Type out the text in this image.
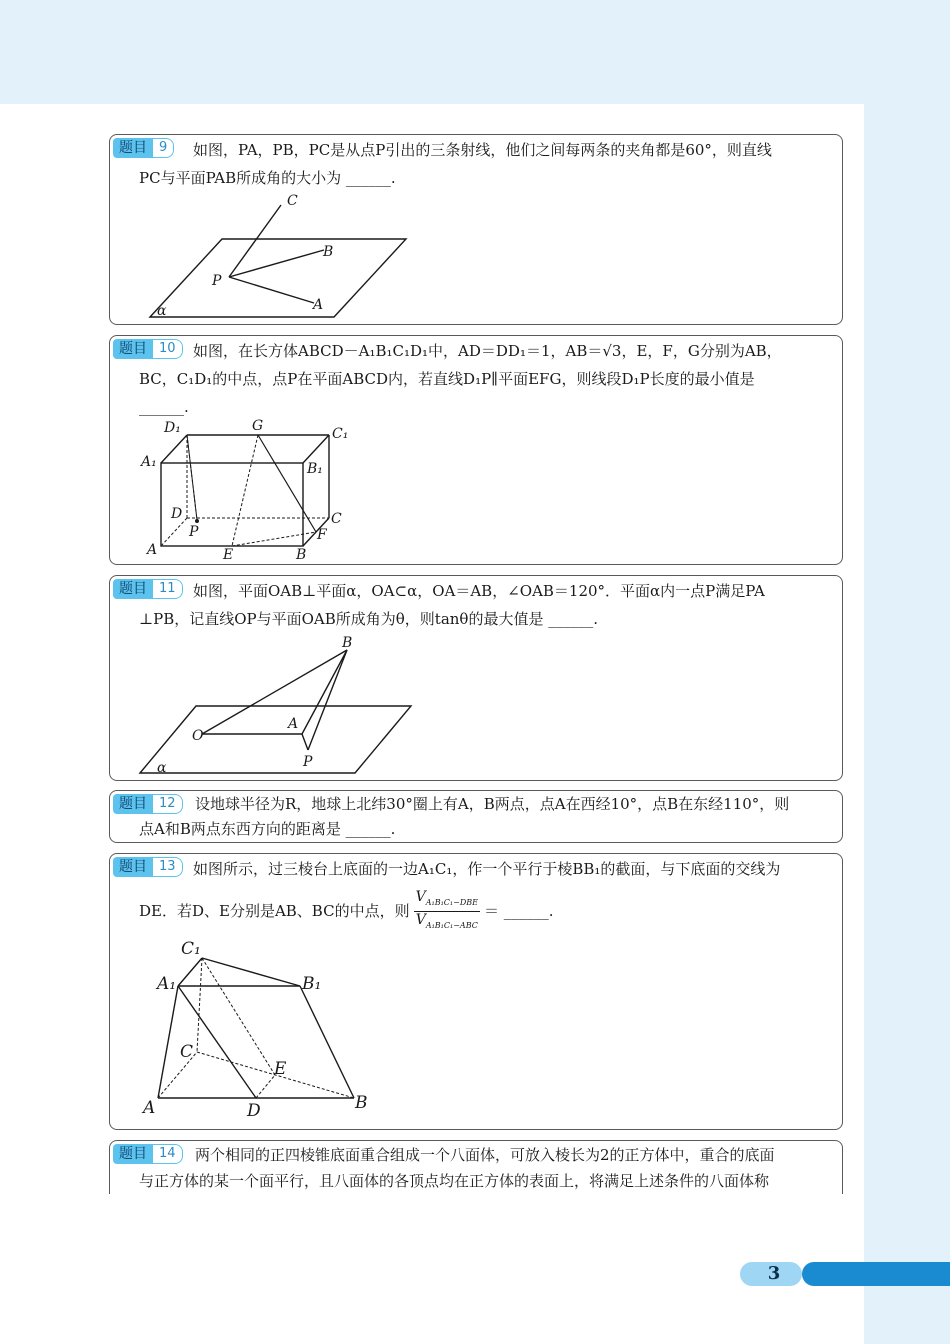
题目 9	如图，PA，PB，PC是从点P引出的三条射线，他们之间每两条的夹角都是60°，则直线
PC与平面PAB所成角的大小为 ______.
C
B
P
A
α
题目 10	如图，在长方体ABCD－A₁B₁C₁D₁中，AD＝DD₁＝1，AB＝√3，E，F，G分别为AB，
BC，C₁D₁的中点，点P在平面ABCD内，若直线D₁P∥平面EFG，则线段D₁P长度的最小值是
______.
D₁	G	C₁
A₁	B₁
D
P
C
F
A	E	B
题目 11	如图，平面OAB⊥平面α，OA⊂α，OA＝AB，∠OAB＝120°．平面α内一点P满足PA
⊥PB，记直线OP与平面OAB所成角为θ，则tanθ的最大值是 ______.
B
O
A
P
α
题目 12	设地球半径为R，地球上北纬30°圈上有A，B两点，点A在西经10°，点B在东经110°，则
点A和B两点东西方向的距离是 ______.
题目 13	如图所示，过三棱台上底面的一边A₁C₁，作一个平行于棱BB₁的截面，与下底面的交线为
DE．若D、E分别是AB、BC的中点，则
$V_{A_1B_1C_1-DBE}$
$V_{A_1B_1C_1-ABC}$
＝ ______.
C₁
A₁	B₁
C
E
A	D	B
题目 14	两个相同的正四棱锥底面重合组成一个八面体，可放入棱长为2的正方体中，重合的底面
与正方体的某一个面平行，且八面体的各顶点均在正方体的表面上，将满足上述条件的八面体称
3
